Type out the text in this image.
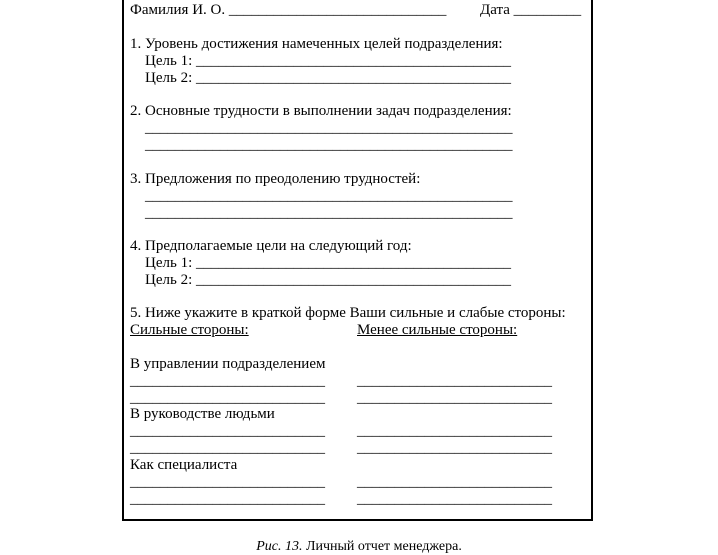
Фамилия И. О. _____________________________ Дата _________
1. Уровень достижения намеченных целей подразделения:
Цель 1: __________________________________________
Цель 2: __________________________________________
2. Основные трудности в выполнении задач подразделения:
_________________________________________________
_________________________________________________
3. Предложения по преодолению трудностей:
_________________________________________________
_________________________________________________
4. Предполагаемые цели на следующий год:
Цель 1: __________________________________________
Цель 2: __________________________________________
5. Ниже укажите в краткой форме Ваши сильные и слабые стороны:
Сильные стороны:	Менее сильные стороны:
В управлении подразделением
__________________________ __________________________
__________________________ __________________________
В руководстве людьми
__________________________ __________________________
__________________________ __________________________
Как специалиста
__________________________ __________________________
__________________________ __________________________
Рис. 13. Личный отчет менеджера.
